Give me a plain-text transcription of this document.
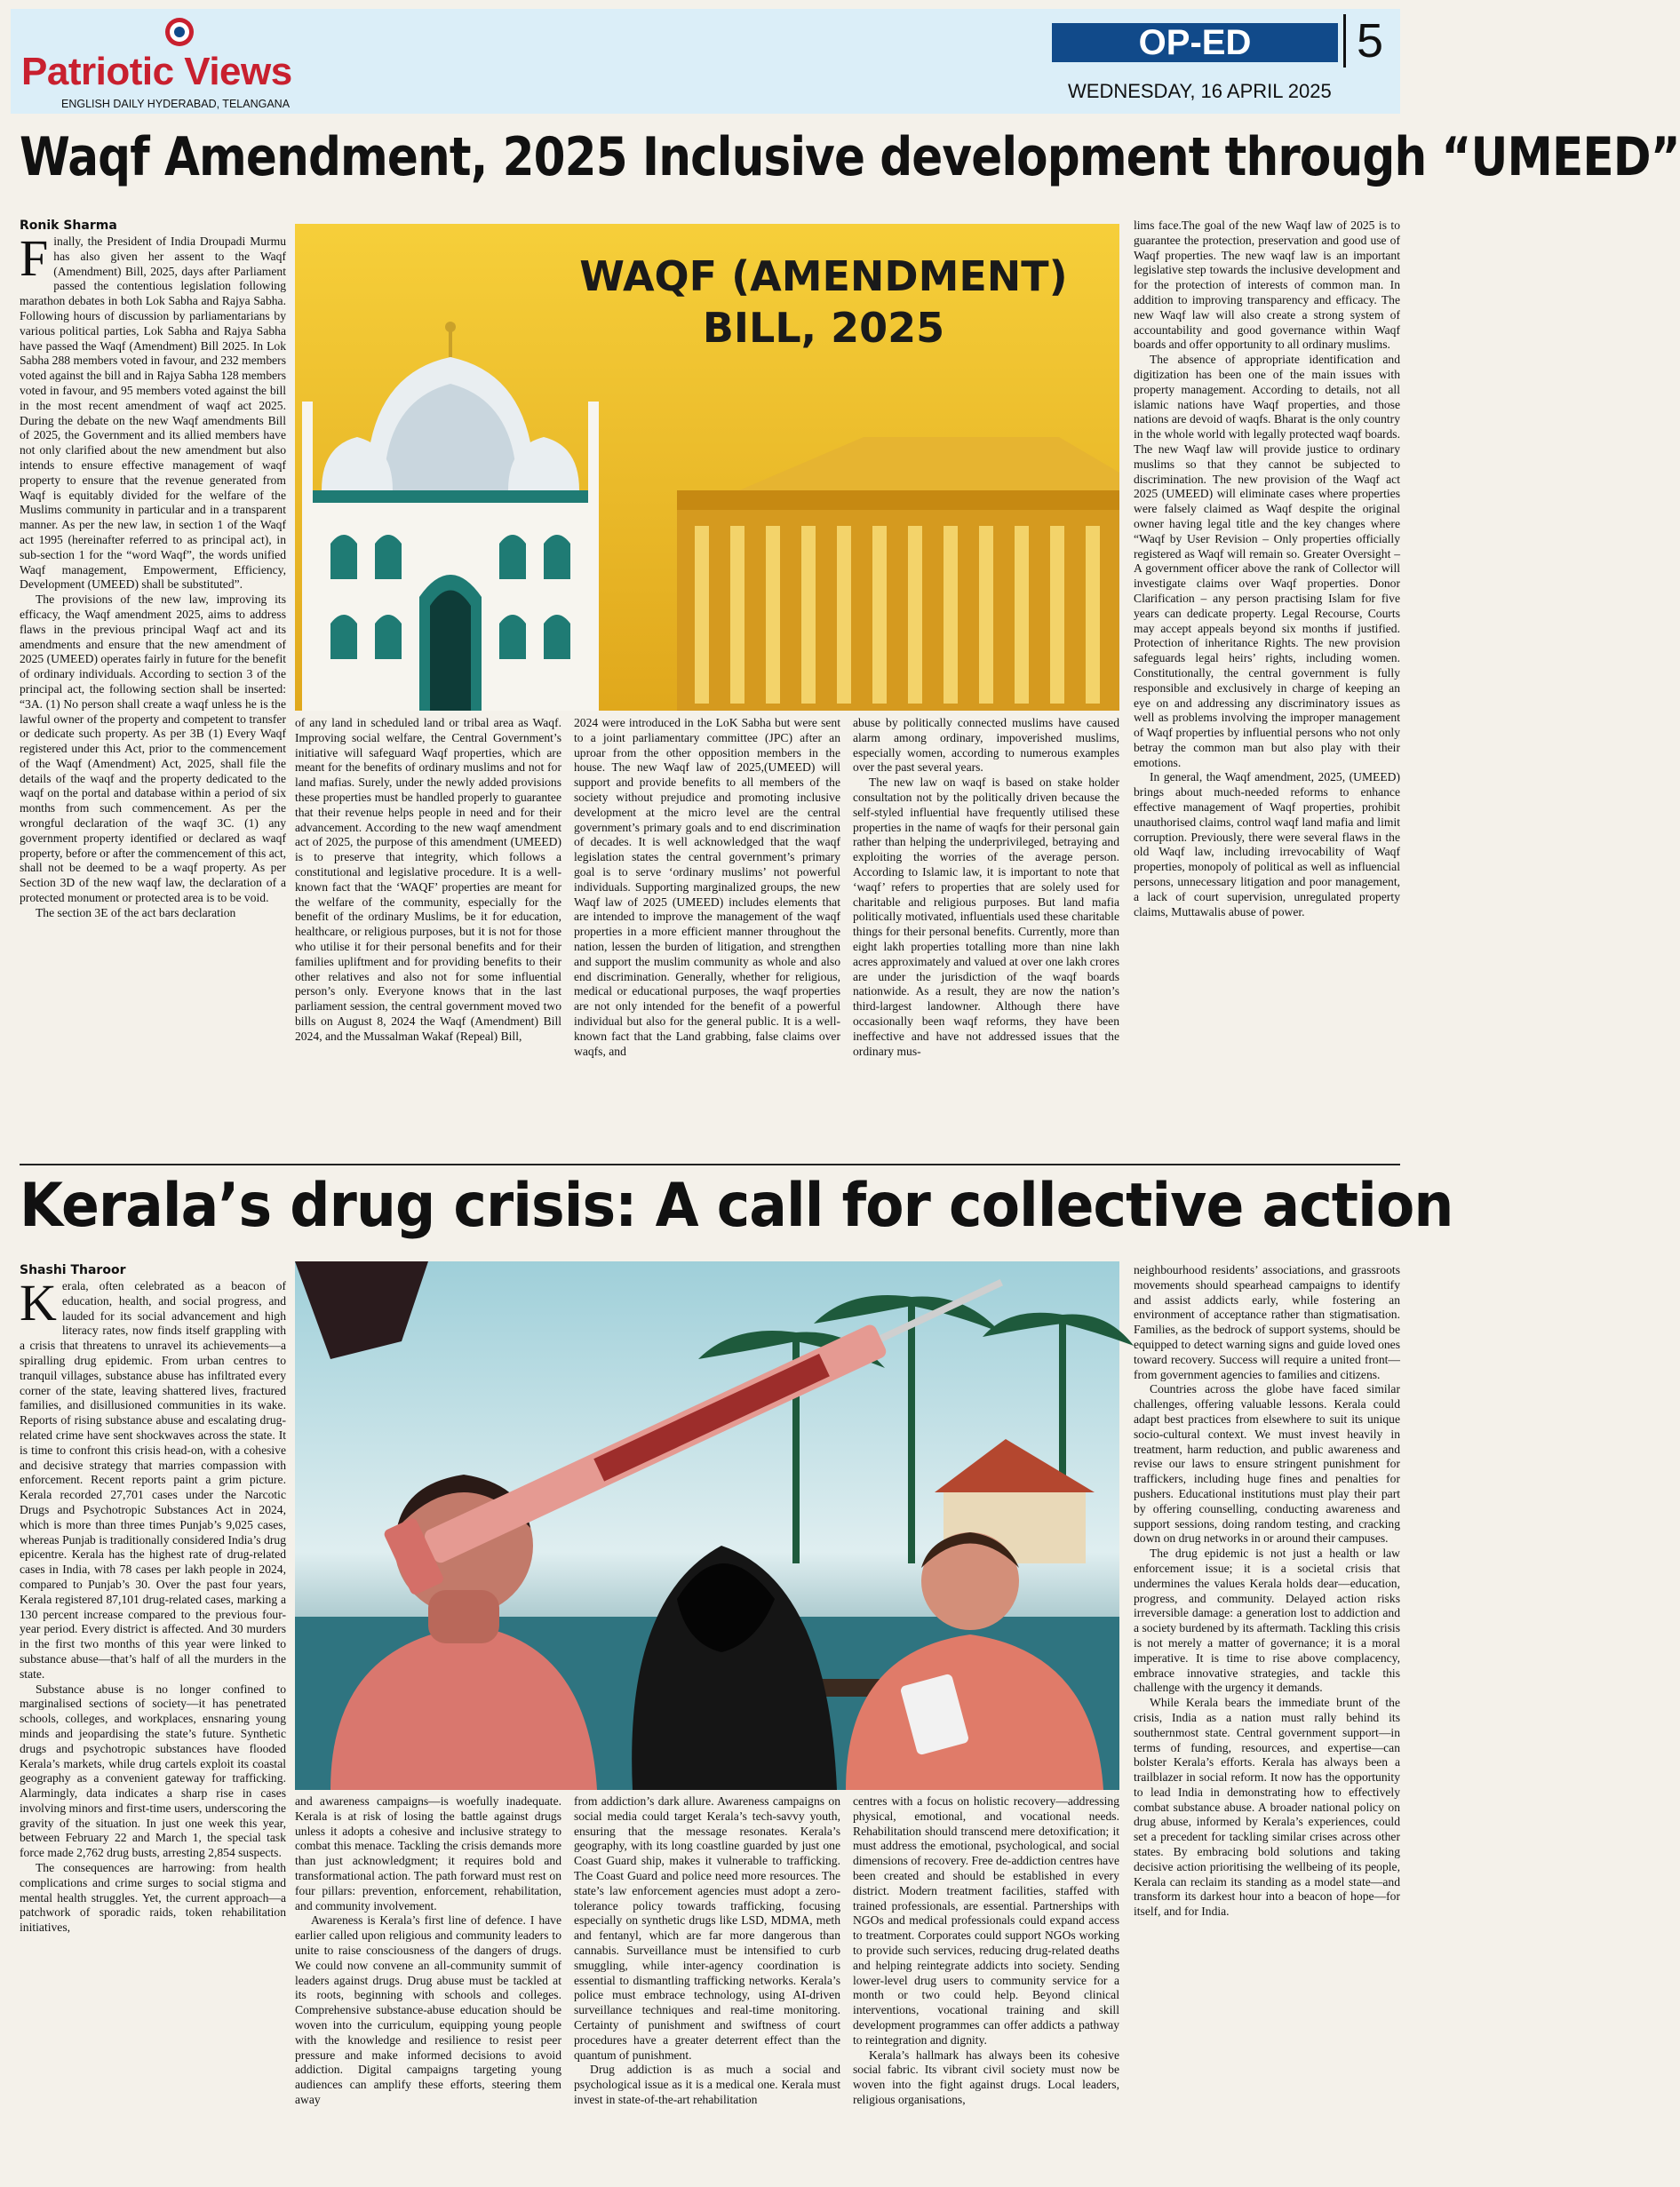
Patriotic Views
ENGLISH DAILY HYDERABAD, TELANGANA
OP-ED	5
WEDNESDAY, 16 APRIL 2025
Waqf Amendment, 2025 Inclusive development through “UMEED”
Ronik Sharma

Finally, the President of India Droupadi Murmu has also given her assent to the Waqf (Amendment) Bill, 2025, days after Parliament passed the contentious legislation following marathon debates in both Lok Sabha and Rajya Sabha. Following hours of discussion by parliamentarians by various political parties, Lok Sabha and Rajya Sabha have passed the Waqf (Amendment) Bill 2025. In Lok Sabha 288 members voted in favour, and 232 members voted against the bill and in Rajya Sabha 128 members voted in favour, and 95 members voted against the bill in the most recent amendment of waqf act 2025. During the debate on the new Waqf amendments Bill of 2025, the Government and its allied members have not only clarified about the new amendment but also intends to ensure effective management of waqf property to ensure that the revenue generated from Waqf is equitably divided for the welfare of the Muslims community in particular and in a transparent manner. As per the new law, in section 1 of the Waqf act 1995 (hereinafter referred to as principal act), in sub-section 1 for the “word Waqf”, the words unified Waqf management, Empowerment, Efficiency, Development (UMEED) shall be substituted”.

The provisions of the new law, improving its efficacy, the Waqf amendment 2025, aims to address flaws in the previous principal Waqf act and its amendments and ensure that the new amendment of 2025 (UMEED) operates fairly in future for the benefit of ordinary individuals. According to section 3 of the principal act, the following section shall be inserted: “3A. (1) No person shall create a waqf unless he is the lawful owner of the property and competent to transfer or dedicate such property. As per 3B (1) Every Waqf registered under this Act, prior to the commencement of the Waqf (Amendment) Act, 2025, shall file the details of the waqf and the property dedicated to the waqf on the portal and database within a period of six months from such commencement. As per the wrongful declaration of the waqf 3C. (1) any government property identified or declared as waqf property, before or after the commencement of this act, shall not be deemed to be a waqf property. As per Section 3D of the new waqf law, the declaration of a protected monument or protected area is to be void.

The section 3E of the act bars declaration

WAQF (AMENDMENT)
BILL, 2025

of any land in scheduled land or tribal area as Waqf. Improving social welfare, the Central Government’s initiative will safeguard Waqf properties, which are meant for the benefits of ordinary muslims and not for land mafias. Surely, under the newly added provisions these properties must be handled properly to guarantee that their revenue helps people in need and for their advancement. According to the new waqf amendment act of 2025, the purpose of this amendment (UMEED) is to preserve that integrity, which follows a constitutional and legislative procedure. It is a well-known fact that the ‘WAQF’ properties are meant for the welfare of the community, especially for the benefit of the ordinary Muslims, be it for education, healthcare, or religious purposes, but it is not for those who utilise it for their personal benefits and for their families upliftment and for providing benefits to their other relatives and also not for some influential person’s only. Everyone knows that in the last parliament session, the central government moved two bills on August 8, 2024 the Waqf (Amendment) Bill 2024, and the Mussalman Wakaf (Repeal) Bill,

2024 were introduced in the LoK Sabha but were sent to a joint parliamentary committee (JPC) after an uproar from the other opposition members in the house. The new Waqf law of 2025,(UMEED) will support and provide benefits to all members of the society without prejudice and promoting inclusive development at the micro level are the central government’s primary goals and to end discrimination of decades. It is well acknowledged that the waqf legislation states the central government’s primary goal is to serve ‘ordinary muslims’ not powerful individuals. Supporting marginalized groups, the new Waqf law of 2025 (UMEED) includes elements that are intended to improve the management of the waqf properties in a more efficient manner throughout the nation, lessen the burden of litigation, and strengthen and support the muslim community as whole and also end discrimination. Generally, whether for religious, medical or educational purposes, the waqf properties are not only intended for the benefit of a powerful individual but also for the general public. It is a well-known fact that the Land grabbing, false claims over waqfs, and

abuse by politically connected muslims have caused alarm among ordinary, impoverished muslims, especially women, according to numerous examples over the past several years.

The new law on waqf is based on stake holder consultation not by the politically driven because the self-styled influential have frequently utilised these properties in the name of waqfs for their personal gain rather than helping the underprivileged, betraying and exploiting the worries of the average person. According to Islamic law, it is important to note that ‘waqf’ refers to properties that are solely used for charitable and religious purposes. But land mafia politically motivated, influentials used these charitable things for their personal benefits. Currently, more than eight lakh properties totalling more than nine lakh acres approximately and valued at over one lakh crores are under the jurisdiction of the waqf boards nationwide. As a result, they are now the nation’s third-largest landowner. Although there have occasionally been waqf reforms, they have been ineffective and have not addressed issues that the ordinary mus-

lims face.The goal of the new Waqf law of 2025 is to guarantee the protection, preservation and good use of Waqf properties. The new waqf law is an important legislative step towards the inclusive development and for the protection of interests of common man. In addition to improving transparency and efficacy. The new Waqf law will also create a strong system of accountability and good governance within Waqf boards and offer opportunity to all ordinary muslims.

The absence of appropriate identification and digitization has been one of the main issues with property management. According to details, not all islamic nations have Waqf properties, and those nations are devoid of waqfs. Bharat is the only country in the whole world with legally protected waqf boards. The new Waqf law will provide justice to ordinary muslims so that they cannot be subjected to discrimination. The new provision of the Waqf act 2025 (UMEED) will eliminate cases where properties were falsely claimed as Waqf despite the original owner having legal title and the key changes where “Waqf by User Revision – Only properties officially registered as Waqf will remain so. Greater Oversight – A government officer above the rank of Collector will investigate claims over Waqf properties. Donor Clarification – any person practising Islam for five years can dedicate property. Legal Recourse, Courts may accept appeals beyond six months if justified. Protection of inheritance Rights. The new provision safeguards legal heirs’ rights, including women. Constitutionally, the central government is fully responsible and exclusively in charge of keeping an eye on and addressing any discriminatory issues as well as problems involving the improper management of Waqf properties by influential persons who not only betray the common man but also play with their emotions.

In general, the Waqf amendment, 2025, (UMEED) brings about much-needed reforms to enhance effective management of Waqf properties, prohibit unauthorised claims, control waqf land mafia and limit corruption. Previously, there were several flaws in the old Waqf law, including irrevocability of Waqf properties, monopoly of political as well as influencial persons, unnecessary litigation and poor management, a lack of court supervision, unregulated property claims, Muttawalis abuse of power.

Kerala’s drug crisis: A call for collective action
Shashi Tharoor

Kerala, often celebrated as a beacon of education, health, and social progress, and lauded for its social advancement and high literacy rates, now finds itself grappling with a crisis that threatens to unravel its achievements—a spiralling drug epidemic. From urban centres to tranquil villages, substance abuse has infiltrated every corner of the state, leaving shattered lives, fractured families, and disillusioned communities in its wake. Reports of rising substance abuse and escalating drug-related crime have sent shockwaves across the state. It is time to confront this crisis head-on, with a cohesive and decisive strategy that marries compassion with enforcement. Recent reports paint a grim picture. Kerala recorded 27,701 cases under the Narcotic Drugs and Psychotropic Substances Act in 2024, which is more than three times Punjab’s 9,025 cases, whereas Punjab is traditionally considered India’s drug epicentre. Kerala has the highest rate of drug-related cases in India, with 78 cases per lakh people in 2024, compared to Punjab’s 30. Over the past four years, Kerala registered 87,101 drug-related cases, marking a 130 percent increase compared to the previous four-year period. Every district is affected. And 30 murders in the first two months of this year were linked to substance abuse—that’s half of all the murders in the state.

Substance abuse is no longer confined to marginalised sections of society—it has penetrated schools, colleges, and workplaces, ensnaring young minds and jeopardising the state’s future. Synthetic drugs and psychotropic substances have flooded Kerala’s markets, while drug cartels exploit its coastal geography as a convenient gateway for trafficking. Alarmingly, data indicates a sharp rise in cases involving minors and first-time users, underscoring the gravity of the situation. In just one week this year, between February 22 and March 1, the special task force made 2,762 drug busts, arresting 2,854 suspects.

The consequences are harrowing: from health complications and crime surges to social stigma and mental health struggles. Yet, the current approach—a patchwork of sporadic raids, token rehabilitation initiatives,

and awareness campaigns—is woefully inadequate. Kerala is at risk of losing the battle against drugs unless it adopts a cohesive and inclusive strategy to combat this menace. Tackling the crisis demands more than just acknowledgment; it requires bold and transformational action. The path forward must rest on four pillars: prevention, enforcement, rehabilitation, and community involvement.

Awareness is Kerala’s first line of defence. I have earlier called upon religious and community leaders to unite to raise consciousness of the dangers of drugs. We could now convene an all-community summit of leaders against drugs. Drug abuse must be tackled at its roots, beginning with schools and colleges. Comprehensive substance-abuse education should be woven into the curriculum, equipping young people with the knowledge and resilience to resist peer pressure and make informed decisions to avoid addiction. Digital campaigns targeting young audiences can amplify these efforts, steering them away

from addiction’s dark allure. Awareness campaigns on social media could target Kerala’s tech-savvy youth, ensuring that the message resonates. Kerala’s geography, with its long coastline guarded by just one Coast Guard ship, makes it vulnerable to trafficking. The Coast Guard and police need more resources. The state’s law enforcement agencies must adopt a zero-tolerance policy towards trafficking, focusing especially on synthetic drugs like LSD, MDMA, meth and fentanyl, which are far more dangerous than cannabis. Surveillance must be intensified to curb smuggling, while inter-agency coordination is essential to dismantling trafficking networks. Kerala’s police must embrace technology, using AI-driven surveillance techniques and real-time monitoring. Certainty of punishment and swiftness of court procedures have a greater deterrent effect than the quantum of punishment.

Drug addiction is as much a social and psychological issue as it is a medical one. Kerala must invest in state-of-the-art rehabilitation

centres with a focus on holistic recovery—addressing physical, emotional, and vocational needs. Rehabilitation should transcend mere detoxification; it must address the emotional, psychological, and social dimensions of recovery. Free de-addiction centres have been created and should be established in every district. Modern treatment facilities, staffed with trained professionals, are essential. Partnerships with NGOs and medical professionals could expand access to treatment. Corporates could support NGOs working to provide such services, reducing drug-related deaths and helping reintegrate addicts into society. Sending lower-level drug users to community service for a month or two could help. Beyond clinical interventions, vocational training and skill development programmes can offer addicts a pathway to reintegration and dignity.

Kerala’s hallmark has always been its cohesive social fabric. Its vibrant civil society must now be woven into the fight against drugs. Local leaders, religious organisations,

neighbourhood residents’ associations, and grassroots movements should spearhead campaigns to identify and assist addicts early, while fostering an environment of acceptance rather than stigmatisation. Families, as the bedrock of support systems, should be equipped to detect warning signs and guide loved ones toward recovery. Success will require a united front—from government agencies to families and citizens.

Countries across the globe have faced similar challenges, offering valuable lessons. Kerala could adapt best practices from elsewhere to suit its unique socio-cultural context. We must invest heavily in treatment, harm reduction, and public awareness and revise our laws to ensure stringent punishment for traffickers, including huge fines and penalties for pushers. Educational institutions must play their part by offering counselling, conducting awareness and support sessions, doing random testing, and cracking down on drug networks in or around their campuses.

The drug epidemic is not just a health or law enforcement issue; it is a societal crisis that undermines the values Kerala holds dear—education, progress, and community. Delayed action risks irreversible damage: a generation lost to addiction and a society burdened by its aftermath. Tackling this crisis is not merely a matter of governance; it is a moral imperative. It is time to rise above complacency, embrace innovative strategies, and tackle this challenge with the urgency it demands.

While Kerala bears the immediate brunt of the crisis, India as a nation must rally behind its southernmost state. Central government support—in terms of funding, resources, and expertise—can bolster Kerala’s efforts. Kerala has always been a trailblazer in social reform. It now has the opportunity to lead India in demonstrating how to effectively combat substance abuse. A broader national policy on drug abuse, informed by Kerala’s experiences, could set a precedent for tackling similar crises across other states. By embracing bold solutions and taking decisive action prioritising the wellbeing of its people, Kerala can reclaim its standing as a model state—and transform its darkest hour into a beacon of hope—for itself, and for India.
